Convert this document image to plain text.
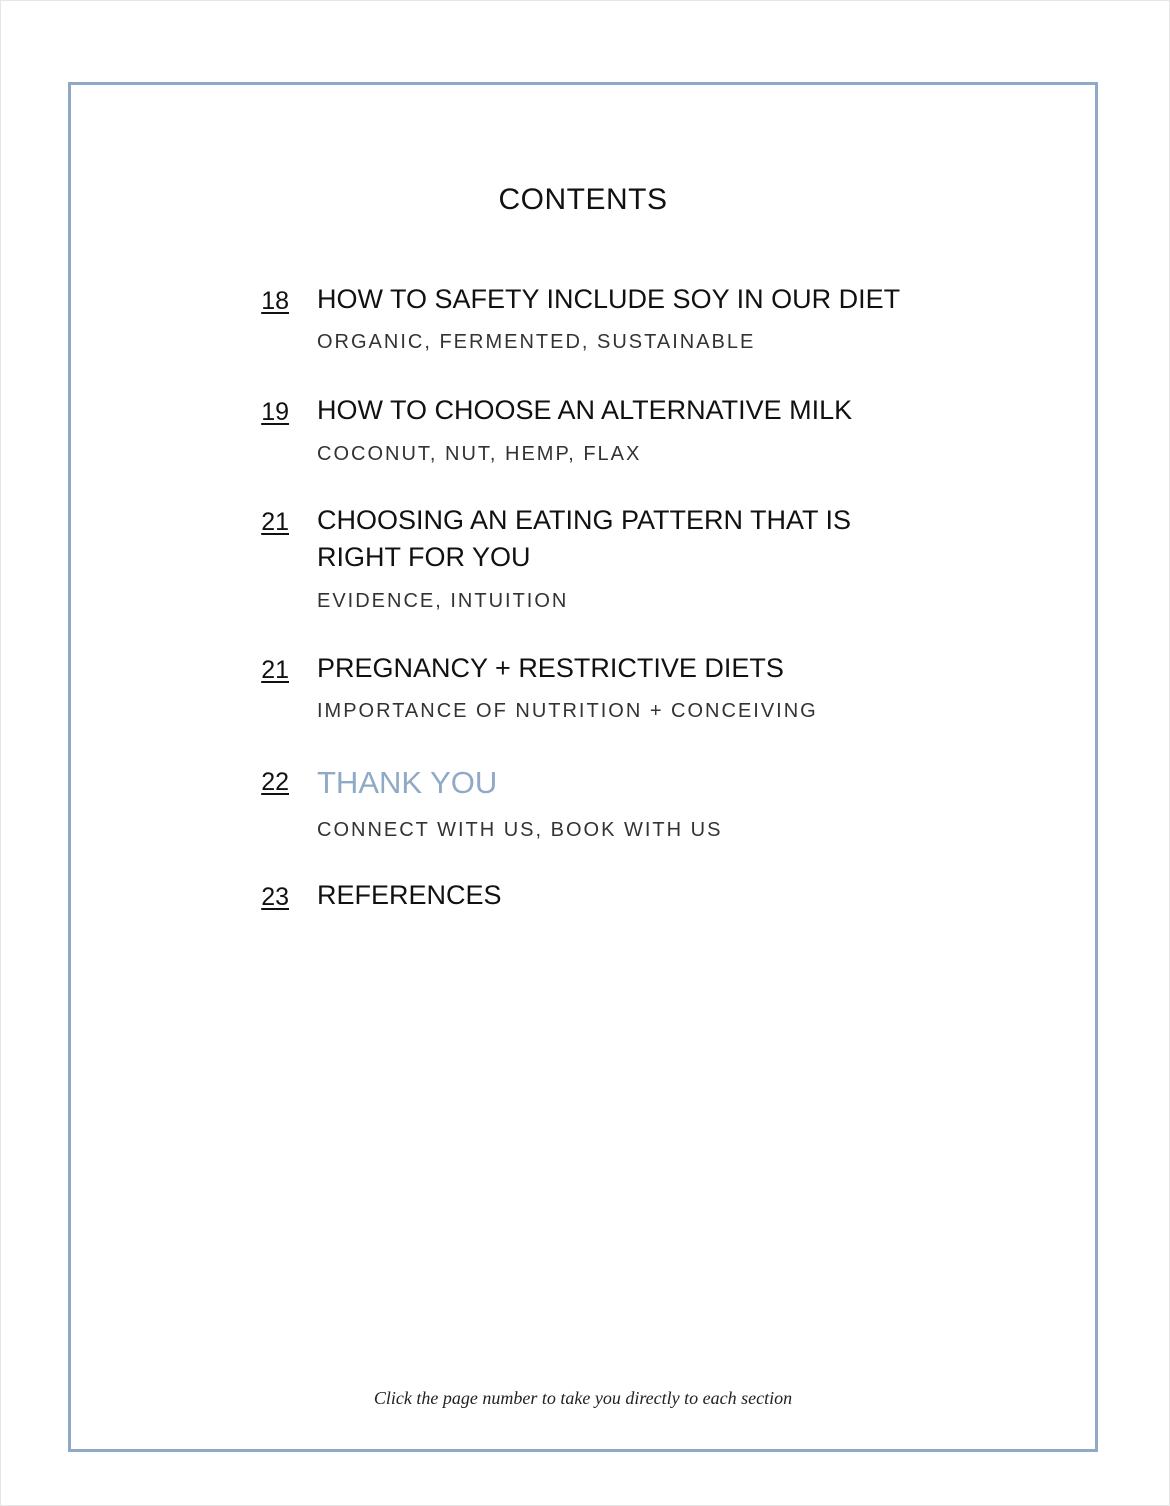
CONTENTS
18 HOW TO SAFETY INCLUDE SOY IN OUR DIET
ORGANIC, FERMENTED, SUSTAINABLE
19 HOW TO CHOOSE AN ALTERNATIVE MILK
COCONUT, NUT, HEMP, FLAX
21 CHOOSING AN EATING PATTERN THAT IS RIGHT FOR YOU
EVIDENCE, INTUITION
21 PREGNANCY + RESTRICTIVE DIETS
IMPORTANCE OF NUTRITION + CONCEIVING
22 THANK YOU
CONNECT WITH US, BOOK WITH US
23 REFERENCES
Click the page number to take you directly to each section
